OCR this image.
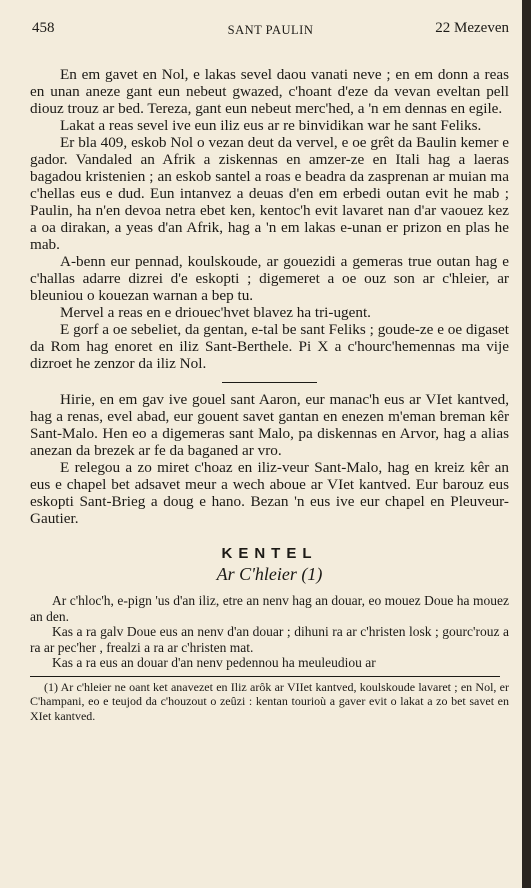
458	SANT PAULIN	22 Mezeven

En em gavet en Nol, e lakas sevel daou vanati neve ; en em donn a reas en unan aneze gant eun nebeut gwazed, c'hoant d'eze da vevan eveltan pell diouz trouz ar bed. Tereza, gant eun nebeut merc'hed, a 'n em dennas en egile.

Lakat a reas sevel ive eun iliz eus ar re binvidikan war he sant Feliks.

Er bla 409, eskob Nol o vezan deut da vervel, e oe grêt da Baulin kemer e gador. Vandaled an Afrik a ziskennas en amzer-ze en Itali hag a laeras bagadou kristenien ; an eskob santel a roas e beadra da zasprenan ar muian ma c'hellas eus e dud. Eun intanvez a deuas d'en em erbedi outan evit he mab ; Paulin, ha n'en devoa netra ebet ken, kentoc'h evit lavaret nan d'ar vaouez kez a oa dirakan, a yeas d'an Afrik, hag a 'n em lakas e-unan er prizon en plas he mab.

A-benn eur pennad, koulskoude, ar gouezidi a gemeras true outan hag e c'hallas adarre dizrei d'e eskopti ; digemeret a oe ouz son ar c'hleier, ar bleuniou o kouezan warnan a bep tu.

Mervel a reas en e driouec'hvet blavez ha tri-ugent.

E gorf a oe sebeliet, da gentan, e-tal be sant Feliks ; goude-ze e oe digaset da Rom hag enoret en iliz Sant-Berthele. Pi X a c'hourc'hemennas ma vije dizroet he zenzor da iliz Nol.

Hirie, en em gav ive gouel sant Aaron, eur manac'h eus ar VIet kantved, hag a renas, evel abad, eur gouent savet gantan en enezen m'eman breman kêr Sant-Malo. Hen eo a digemeras sant Malo, pa diskennas en Arvor, hag a alias anezan da brezek ar fe da baganed ar vro.

E relegou a zo miret c'hoaz en iliz-veur Sant-Malo, hag en kreiz kêr an eus e chapel bet adsavet meur a wech aboue ar VIet kantved. Eur barouz eus eskopti Sant-Brieg a doug e hano. Bezan 'n eus ive eur chapel en Pleuveur-Gautier.

KENTEL
Ar C'hleier (1)

Ar c'hloc'h, e-pign 'us d'an iliz, etre an nenv hag an douar, eo mouez Doue ha mouez an den.

Kas a ra galv Doue eus an nenv d'an douar ; dihuni ra ar c'hristen losk ; gourc'rouz a ra ar pec'her , frealzi a ra ar c'hristen mat.

Kas a ra eus an douar d'an nenv pedennou ha meuleudiou ar

(1) Ar c'hleier ne oant ket anavezet en Iliz arôk ar VIIet kantved, koulskoude lavaret ; en Nol, er C'hampani, eo e teujod da c'houzout o zeûzi : kentan tourioù a gaver evit o lakat a zo bet savet en XIet kantved.
